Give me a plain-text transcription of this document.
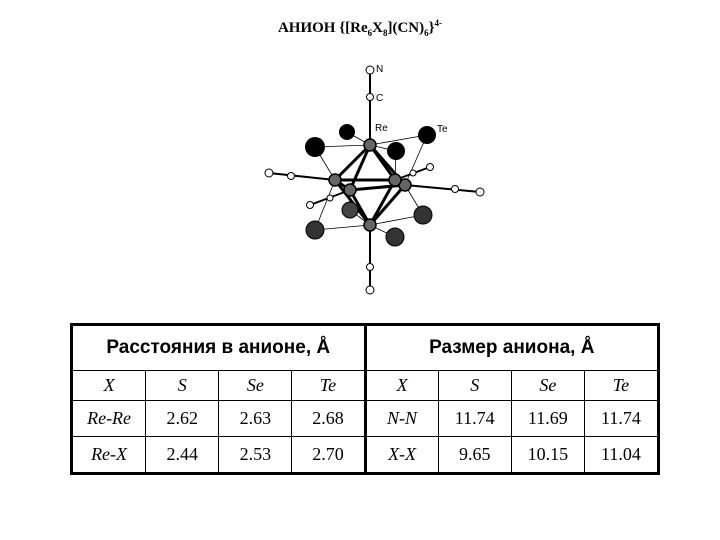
АНИОН $\{[Re_6X_8](CN)_6\}^{4-}$
N
C
Re	Te
Расстояния в анионе, Å				Размер аниона, Å			
X	S	Se	Te	X	S	Se	Te
Re-Re	2.62	2.63	2.68	N-N	11.74	11.69	11.74
Re-X	2.44	2.53	2.70	X-X	9.65	10.15	11.04
